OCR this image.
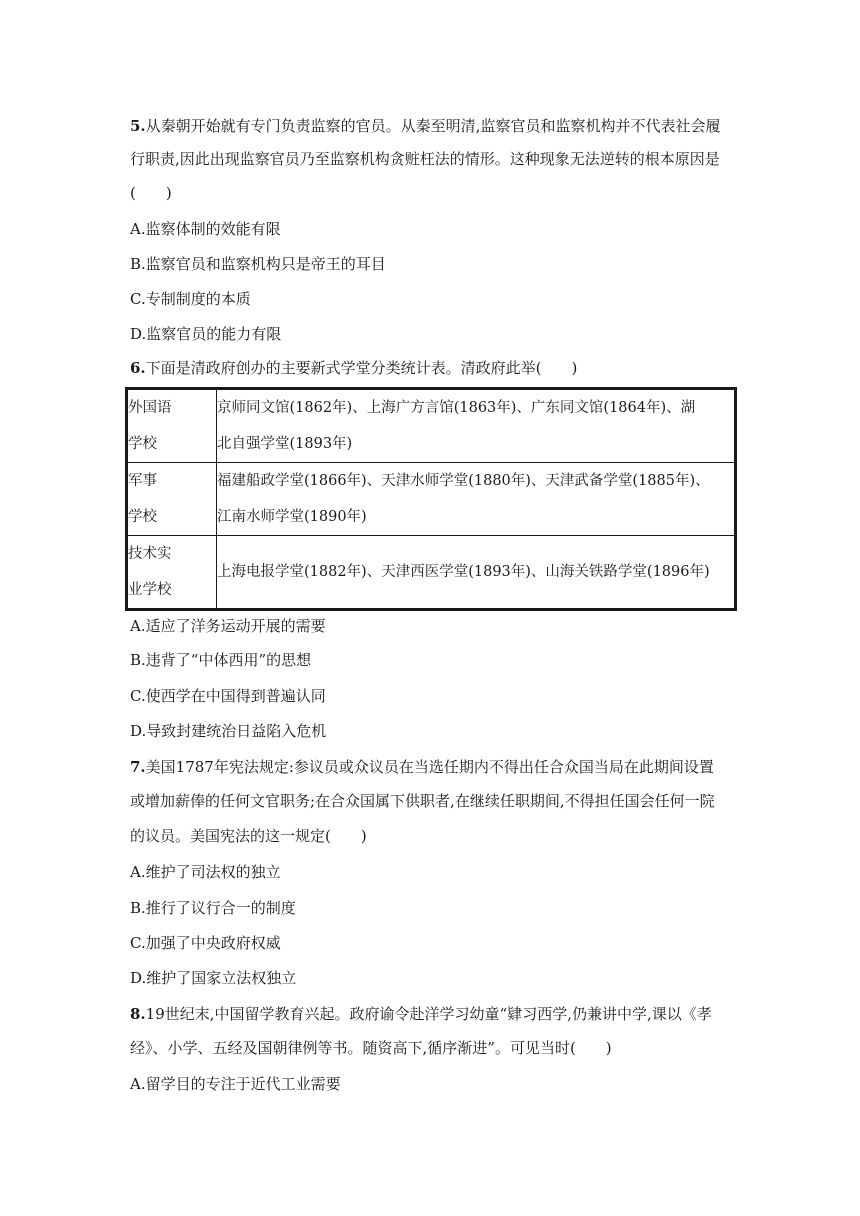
5.从秦朝开始就有专门负责监察的官员。从秦至明清,监察官员和监察机构并不代表社会履
行职责,因此出现监察官员乃至监察机构贪赃枉法的情形。这种现象无法逆转的根本原因是
(　　)
A.监察体制的效能有限
B.监察官员和监察机构只是帝王的耳目
C.专制制度的本质
D.监察官员的能力有限
6.下面是清政府创办的主要新式学堂分类统计表。清政府此举(　　)
外国语
学校	京师同文馆(1862年)、上海广方言馆(1863年)、广东同文馆(1864年)、湖
北自强学堂(1893年)

军事
学校	福建船政学堂(1866年)、天津水师学堂(1880年)、天津武备学堂(1885年)、
江南水师学堂(1890年)

技术实
业学校	上海电报学堂(1882年)、天津西医学堂(1893年)、山海关铁路学堂(1896年)
A.适应了洋务运动开展的需要
B.违背了“中体西用”的思想
C.使西学在中国得到普遍认同
D.导致封建统治日益陷入危机
7.美国1787年宪法规定:参议员或众议员在当选任期内不得出任合众国当局在此期间设置
或增加薪俸的任何文官职务;在合众国属下供职者,在继续任职期间,不得担任国会任何一院
的议员。美国宪法的这一规定(　　)
A.维护了司法权的独立
B.推行了议行合一的制度
C.加强了中央政府权威
D.维护了国家立法权独立
8.19世纪末,中国留学教育兴起。政府谕令赴洋学习幼童“肄习西学,仍兼讲中学,课以《孝
经》、小学、五经及国朝律例等书。随资高下,循序渐进”。可见当时(　　)
A.留学目的专注于近代工业需要
